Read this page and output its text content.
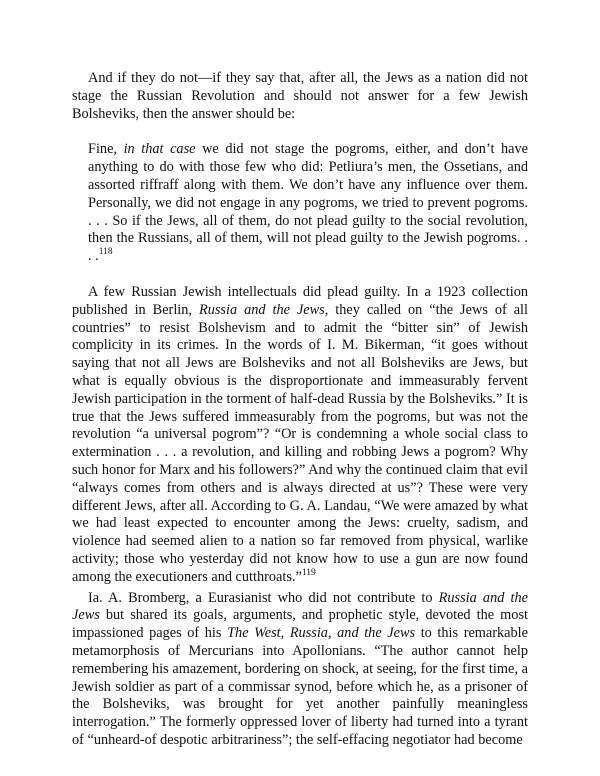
And if they do not—if they say that, after all, the Jews as a nation did not stage the Russian Revolution and should not answer for a few Jewish Bolsheviks, then the answer should be:

Fine, in that case we did not stage the pogroms, either, and don’t have anything to do with those few who did: Petliura’s men, the Ossetians, and assorted riffraff along with them. We don’t have any influence over them. Personally, we did not engage in any pogroms, we tried to prevent pogroms. . . . So if the Jews, all of them, do not plead guilty to the social revolution, then the Russians, all of them, will not plead guilty to the Jewish pogroms. . . .$^{118}$

A few Russian Jewish intellectuals did plead guilty. In a 1923 collection published in Berlin, Russia and the Jews, they called on “the Jews of all countries” to resist Bolshevism and to admit the “bitter sin” of Jewish complicity in its crimes. In the words of I. M. Bikerman, “it goes without saying that not all Jews are Bolsheviks and not all Bolsheviks are Jews, but what is equally obvious is the disproportionate and immeasurably fervent Jewish participation in the torment of half-dead Russia by the Bolsheviks.” It is true that the Jews suffered immeasurably from the pogroms, but was not the revolution “a universal pogrom”? “Or is condemning a whole social class to extermination . . . a revolution, and killing and robbing Jews a pogrom? Why such honor for Marx and his followers?” And why the continued claim that evil “always comes from others and is always directed at us”? These were very different Jews, after all. According to G. A. Landau, “We were amazed by what we had least expected to encounter among the Jews: cruelty, sadism, and violence had seemed alien to a nation so far removed from physical, warlike activity; those who yesterday did not know how to use a gun are now found among the executioners and cutthroats.”$^{119}$

Ia. A. Bromberg, a Eurasianist who did not contribute to Russia and the Jews but shared its goals, arguments, and prophetic style, devoted the most impassioned pages of his The West, Russia, and the Jews to this remarkable metamorphosis of Mercurians into Apollonians. “The author cannot help remembering his amazement, bordering on shock, at seeing, for the first time, a Jewish soldier as part of a commissar synod, before which he, as a prisoner of the Bolsheviks, was brought for yet another painfully meaningless interrogation.” The formerly oppressed lover of liberty had turned into a tyrant of “unheard-of despotic arbitrariness”; the self-effacing negotiator had become
